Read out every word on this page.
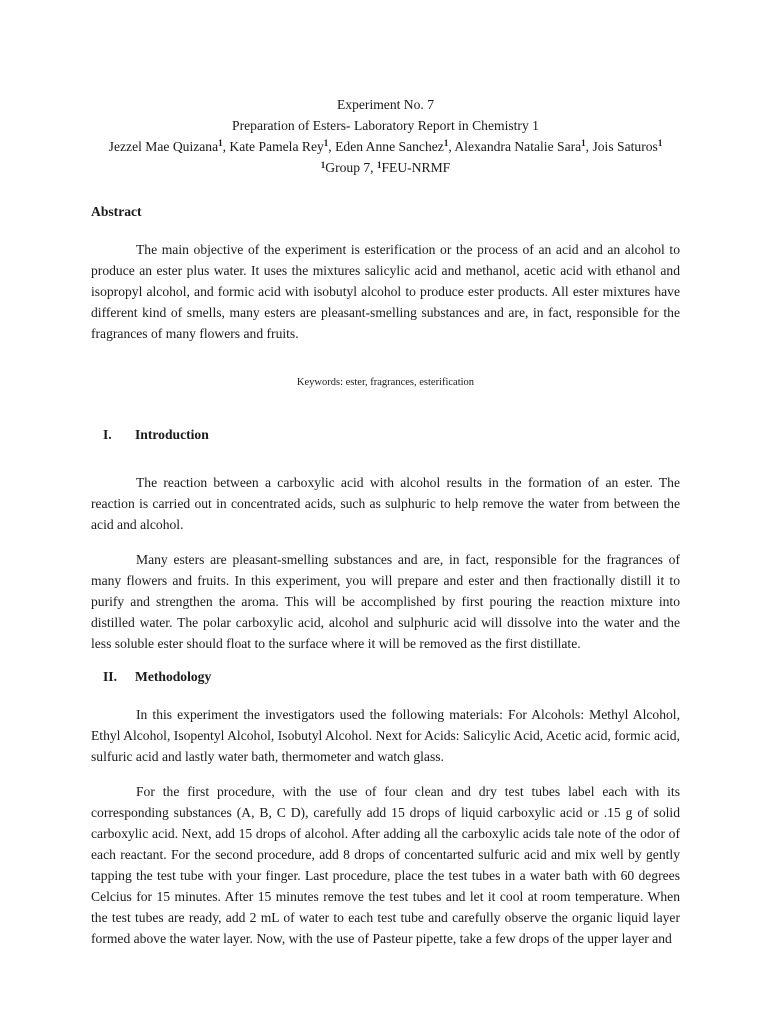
Experiment No. 7
Preparation of Esters- Laboratory Report in Chemistry 1
Jezzel Mae Quizana$^1$, Kate Pamela Rey$^1$, Eden Anne Sanchez$^1$, Alexandra Natalie Sara$^1$, Jois Saturos$^1$
$^1$Group 7, $^1$FEU-NRMF
Abstract

The main objective of the experiment is esterification or the process of an acid and an alcohol to produce an ester plus water. It uses the mixtures salicylic acid and methanol, acetic acid with ethanol and isopropyl alcohol, and formic acid with isobutyl alcohol to produce ester products. All ester mixtures have different kind of smells, many esters are pleasant-smelling substances and are, in fact, responsible for the fragrances of many flowers and fruits.

Keywords: ester, fragrances, esterification
I.	Introduction

The reaction between a carboxylic acid with alcohol results in the formation of an ester. The reaction is carried out in concentrated acids, such as sulphuric to help remove the water from between the acid and alcohol.

Many esters are pleasant-smelling substances and are, in fact, responsible for the fragrances of many flowers and fruits. In this experiment, you will prepare and ester and then fractionally distill it to purify and strengthen the aroma. This will be accomplished by first pouring the reaction mixture into distilled water. The polar carboxylic acid, alcohol and sulphuric acid will dissolve into the water and the less soluble ester should float to the surface where it will be removed as the first distillate.

II.	Methodology

In this experiment the investigators used the following materials: For Alcohols: Methyl Alcohol, Ethyl Alcohol, Isopentyl Alcohol, Isobutyl Alcohol. Next for Acids: Salicylic Acid, Acetic acid, formic acid, sulfuric acid and lastly water bath, thermometer and watch glass.

For the first procedure, with the use of four clean and dry test tubes label each with its corresponding substances (A, B, C D), carefully add 15 drops of liquid carboxylic acid or .15 g of solid carboxylic acid. Next, add 15 drops of alcohol. After adding all the carboxylic acids tale note of the odor of each reactant. For the second procedure, add 8 drops of concentarted sulfuric acid and mix well by gently tapping the test tube with your finger. Last procedure, place the test tubes in a water bath with 60 degrees Celcius for 15 minutes. After 15 minutes remove the test tubes and let it cool at room temperature. When the test tubes are ready, add 2 mL of water to each test tube and carefully observe the organic liquid layer formed above the water layer. Now, with the use of Pasteur pipette, take a few drops of the upper layer and
